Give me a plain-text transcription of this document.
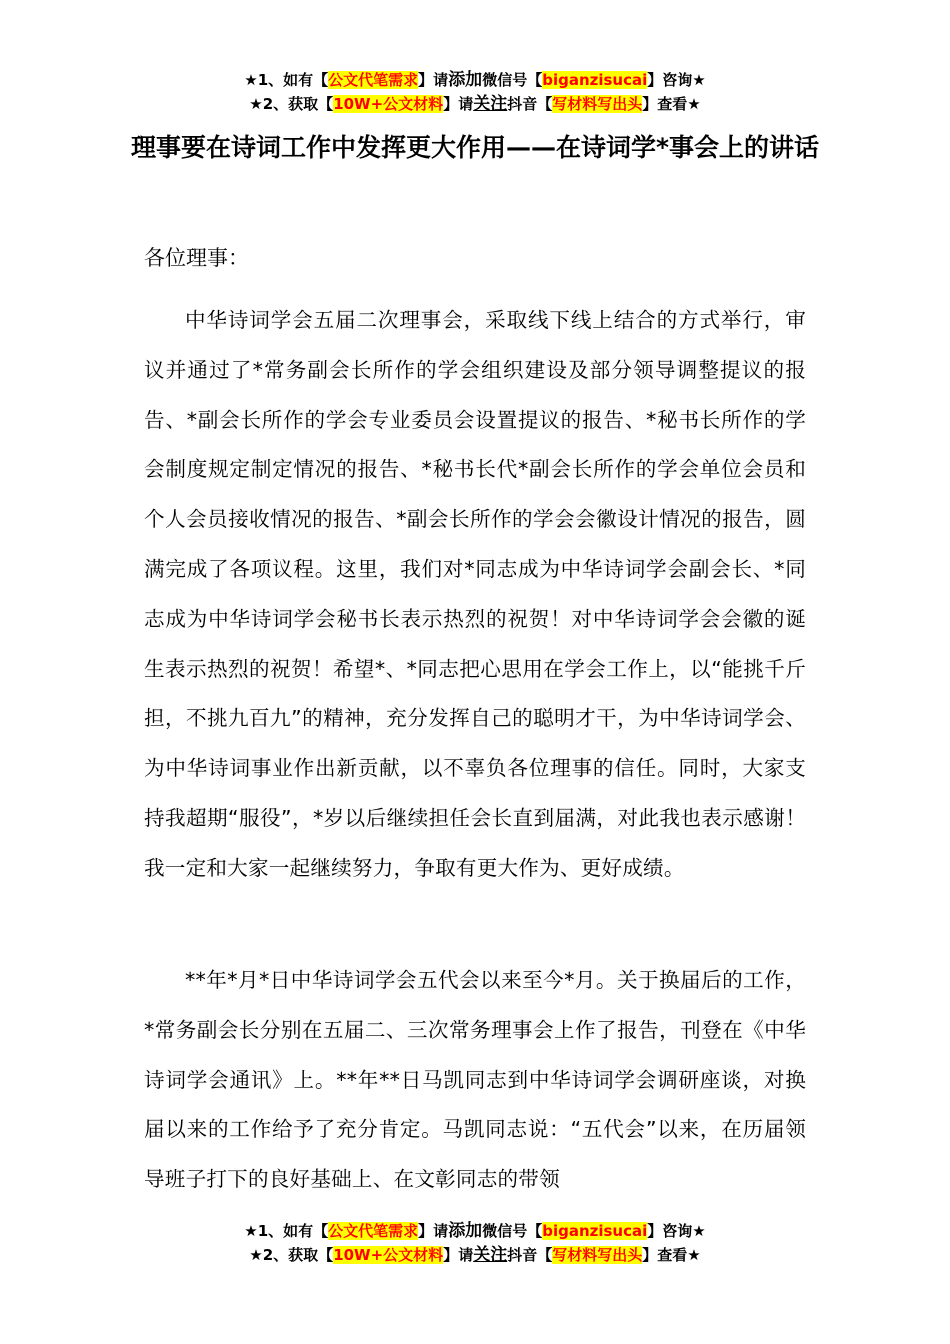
★1、如有【公文代笔需求】请添加微信号【biganzisucai】咨询★
★2、获取【10W+公文材料】请关注抖音【写材料写出头】查看★
理事要在诗词工作中发挥更大作用——在诗词学*事会上的讲话
各位理事：

中华诗词学会五届二次理事会，采取线下线上结合的方式举行，审议并通过了*常务副会长所作的学会组织建设及部分领导调整提议的报告、*副会长所作的学会专业委员会设置提议的报告、*秘书长所作的学会制度规定制定情况的报告、*秘书长代*副会长所作的学会单位会员和个人会员接收情况的报告、*副会长所作的学会会徽设计情况的报告，圆满完成了各项议程。这里，我们对*同志成为中华诗词学会副会长、*同志成为中华诗词学会秘书长表示热烈的祝贺！对中华诗词学会会徽的诞生表示热烈的祝贺！希望*、*同志把心思用在学会工作上，以“能挑千斤担，不挑九百九”的精神，充分发挥自己的聪明才干，为中华诗词学会、为中华诗词事业作出新贡献，以不辜负各位理事的信任。同时，大家支持我超期“服役”，*岁以后继续担任会长直到届满，对此我也表示感谢！我一定和大家一起继续努力，争取有更大作为、更好成绩。

**年*月*日中华诗词学会五代会以来至今*月。关于换届后的工作，*常务副会长分别在五届二、三次常务理事会上作了报告，刊登在《中华诗词学会通讯》上。**年**日马凯同志到中华诗词学会调研座谈，对换届以来的工作给予了充分肯定。马凯同志说：“五代会”以来，在历届领导班子打下的良好基础上、在文彰同志的带领

★1、如有【公文代笔需求】请添加微信号【biganzisucai】咨询★
★2、获取【10W+公文材料】请关注抖音【写材料写出头】查看★
